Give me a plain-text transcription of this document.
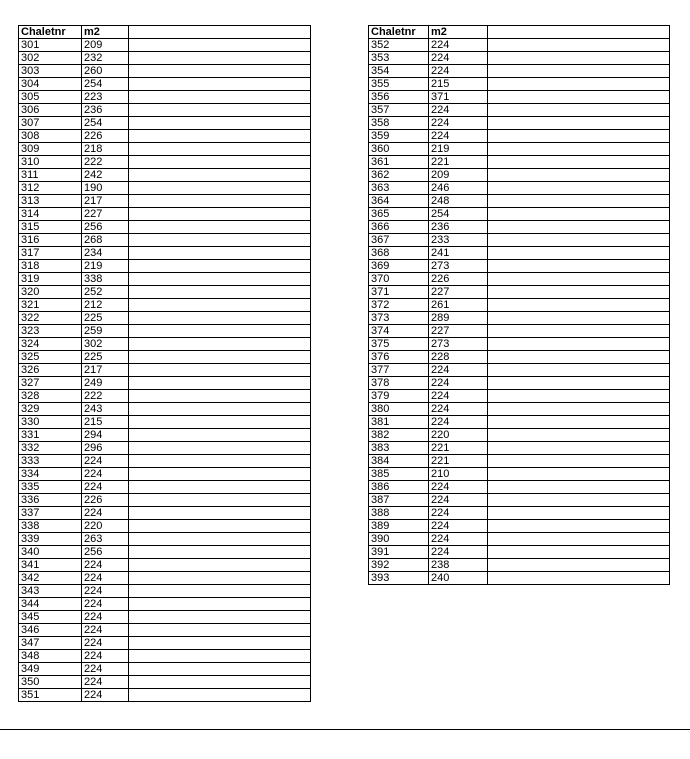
Chaletnr	m2	
301	209	
302	232	
303	260	
304	254	
305	223	
306	236	
307	254	
308	226	
309	218	
310	222	
311	242	
312	190	
313	217	
314	227	
315	256	
316	268	
317	234	
318	219	
319	338	
320	252	
321	212	
322	225	
323	259	
324	302	
325	225	
326	217	
327	249	
328	222	
329	243	
330	215	
331	294	
332	296	
333	224	
334	224	
335	224	
336	226	
337	224	
338	220	
339	263	
340	256	
341	224	
342	224	
343	224	
344	224	
345	224	
346	224	
347	224	
348	224	
349	224	
350	224	
351	224	
Chaletnr	m2	
352	224	
353	224	
354	224	
355	215	
356	371	
357	224	
358	224	
359	224	
360	219	
361	221	
362	209	
363	246	
364	248	
365	254	
366	236	
367	233	
368	241	
369	273	
370	226	
371	227	
372	261	
373	289	
374	227	
375	273	
376	228	
377	224	
378	224	
379	224	
380	224	
381	224	
382	220	
383	221	
384	221	
385	210	
386	224	
387	224	
388	224	
389	224	
390	224	
391	224	
392	238	
393	240	
